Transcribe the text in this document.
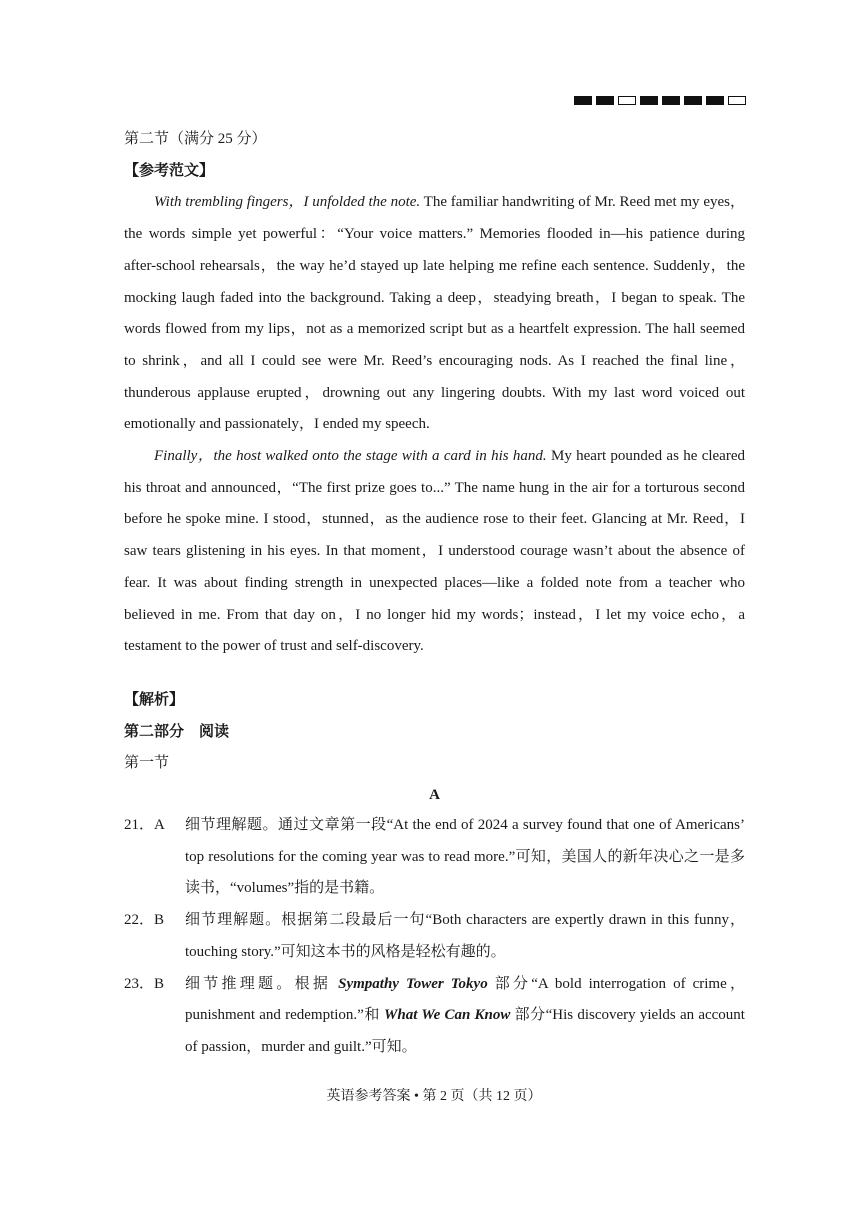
第二节（满分 25 分）

【参考范文】

With trembling fingers，I unfolded the note. The familiar handwriting of Mr. Reed met my eyes，the words simple yet powerful：“Your voice matters.” Memories flooded in—his patience during after-school rehearsals，the way he’d stayed up late helping me refine each sentence. Suddenly，the mocking laugh faded into the background. Taking a deep，steadying breath，I began to speak. The words flowed from my lips，not as a memorized script but as a heartfelt expression. The hall seemed to shrink，and all I could see were Mr. Reed’s encouraging nods. As I reached the final line，thunderous applause erupted，drowning out any lingering doubts. With my last word voiced out emotionally and passionately，I ended my speech.

Finally，the host walked onto the stage with a card in his hand. My heart pounded as he cleared his throat and announced，“The first prize goes to...” The name hung in the air for a torturous second before he spoke mine. I stood，stunned，as the audience rose to their feet. Glancing at Mr. Reed，I saw tears glistening in his eyes. In that moment，I understood courage wasn’t about the absence of fear. It was about finding strength in unexpected places—like a folded note from a teacher who believed in me. From that day on，I no longer hid my words；instead，I let my voice echo，a testament to the power of trust and self-discovery.

【解析】

第二部分　阅读

第一节

A

21．A	细节理解题。通过文章第一段“At the end of 2024 a survey found that one of Americans’ top resolutions for the coming year was to read more.”可知，美国人的新年决心之一是多读书，“volumes”指的是书籍。
22．B	细节理解题。根据第二段最后一句“Both characters are expertly drawn in this funny，touching story.”可知这本书的风格是轻松有趣的。
23．B	细节推理题。根据 Sympathy Tower Tokyo 部分“A bold interrogation of crime，punishment and redemption.”和 What We Can Know 部分“His discovery yields an account of passion，murder and guilt.”可知。
英语参考答案 • 第 2 页（共 12 页）
